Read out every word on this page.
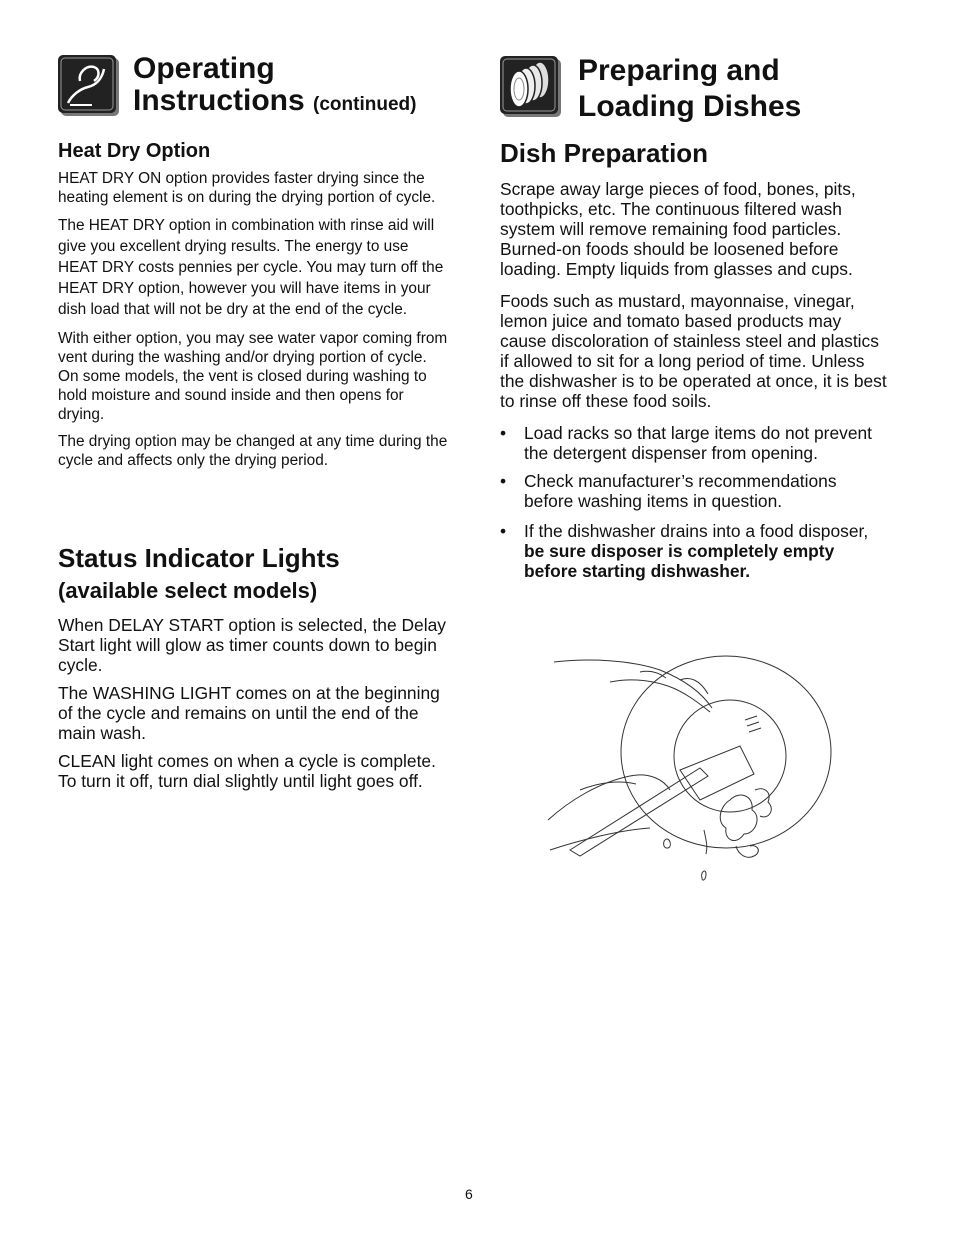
Operating

Instructions (continued)

Heat Dry Option

HEAT DRY ON option provides faster drying since the heating element is on during the drying portion of cycle.

The HEAT DRY option in combination with rinse aid will give you excellent drying results. The energy to use HEAT DRY costs pennies per cycle. You may turn off the HEAT DRY option, however you will have items in your dish load that will not be dry at the end of the cycle.

With either option, you may see water vapor coming from vent during the washing and/or drying portion of cycle. On some models, the vent is closed during washing to hold moisture and sound inside and then opens for drying.

The drying option may be changed at any time during the cycle and affects only the drying period.

Status Indicator Lights

(available select models)

When DELAY START option is selected, the Delay Start light will glow as timer counts down to begin cycle.

The WASHING LIGHT comes on at the beginning of the cycle and remains on until the end of the main wash.

CLEAN light comes on when a cycle is complete. To turn it off, turn dial slightly until light goes off.

Preparing and

Loading Dishes

Dish Preparation

Scrape away large pieces of food, bones, pits, toothpicks, etc. The continuous filtered wash system will remove remaining food particles. Burned-on foods should be loosened before loading. Empty liquids from glasses and cups.

Foods such as mustard, mayonnaise, vinegar, lemon juice and tomato based products may cause discoloration of stainless steel and plastics if allowed to sit for a long period of time. Unless the dishwasher is to be operated at once, it is best to rinse off these food soils.

• Load racks so that large items do not prevent the detergent dispenser from opening.
• Check manufacturer’s recommendations before washing items in question.
• If the dishwasher drains into a food disposer, be sure disposer is completely empty before starting dishwasher.
6
